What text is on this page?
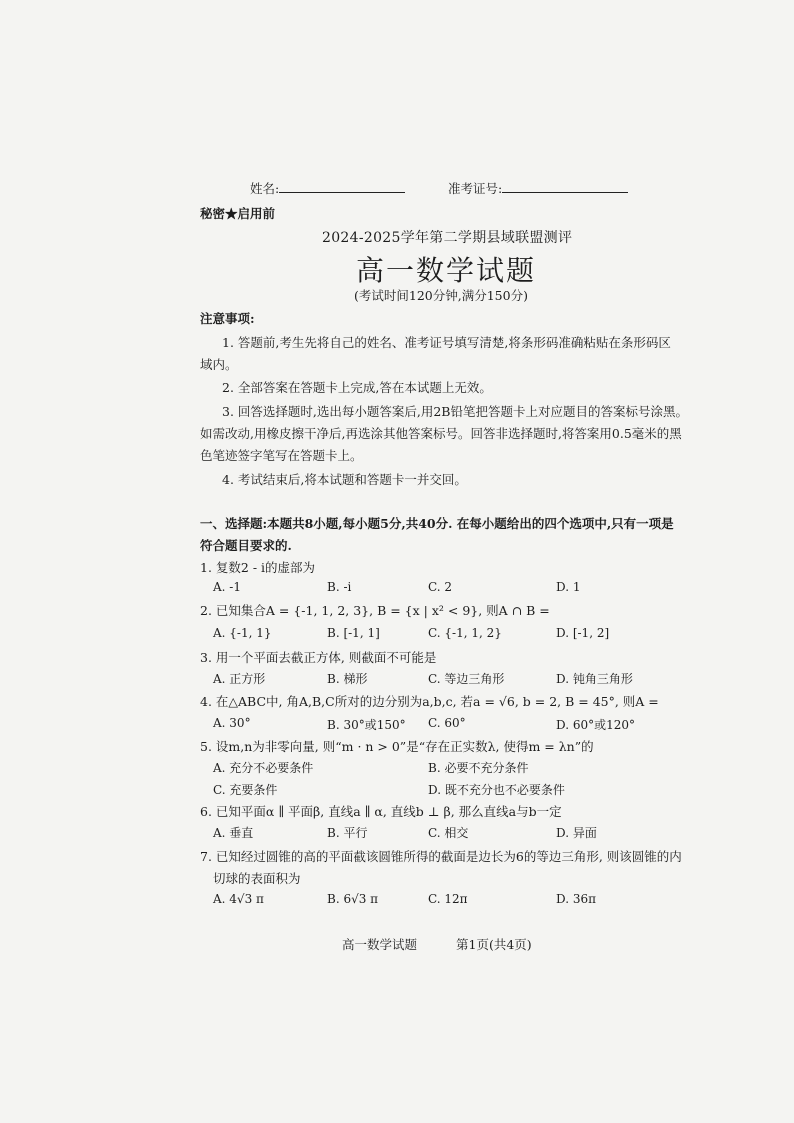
姓名:	准考证号:
秘密★启用前
2024-2025学年第二学期县域联盟测评
高一数学试题
(考试时间120分钟,满分150分)
注意事项:
1. 答题前,考生先将自己的姓名、准考证号填写清楚,将条形码准确粘贴在条形码区
域内。
2. 全部答案在答题卡上完成,答在本试题上无效。
3. 回答选择题时,选出每小题答案后,用2B铅笔把答题卡上对应题目的答案标号涂黑。
如需改动,用橡皮擦干净后,再选涂其他答案标号。回答非选择题时,将答案用0.5毫米的黑
色笔迹签字笔写在答题卡上。
4. 考试结束后,将本试题和答题卡一并交回。
一、选择题:本题共8小题,每小题5分,共40分. 在每小题给出的四个选项中,只有一项是
符合题目要求的.
1. 复数2 - i的虚部为
A. -1	B. -i	C. 2	D. 1
2. 已知集合A = {-1, 1, 2, 3}, B = {x | x² < 9}, 则A ∩ B =
A. {-1, 1}	B. [-1, 1]	C. {-1, 1, 2}	D. [-1, 2]
3. 用一个平面去截正方体, 则截面不可能是
A. 正方形	B. 梯形	C. 等边三角形	D. 钝角三角形
4. 在△ABC中, 角A,B,C所对的边分别为a,b,c, 若a = √6, b = 2, B = 45°, 则A =
A. 30°	B. 30°或150° C. 60°	D. 60°或120°
5. 设m,n为非零向量, 则“m · n > 0”是“存在正实数λ, 使得m = λn”的
A. 充分不必要条件	B. 必要不充分条件
C. 充要条件	D. 既不充分也不必要条件
6. 已知平面α ∥ 平面β, 直线a ∥ α, 直线b ⊥ β, 那么直线a与b一定
A. 垂直	B. 平行	C. 相交	D. 异面
7. 已知经过圆锥的高的平面截该圆锥所得的截面是边长为6的等边三角形, 则该圆锥的内
切球的表面积为
A. 4√3 π	B. 6√3 π	C. 12π	D. 36π
高一数学试题	第1页(共4页)
